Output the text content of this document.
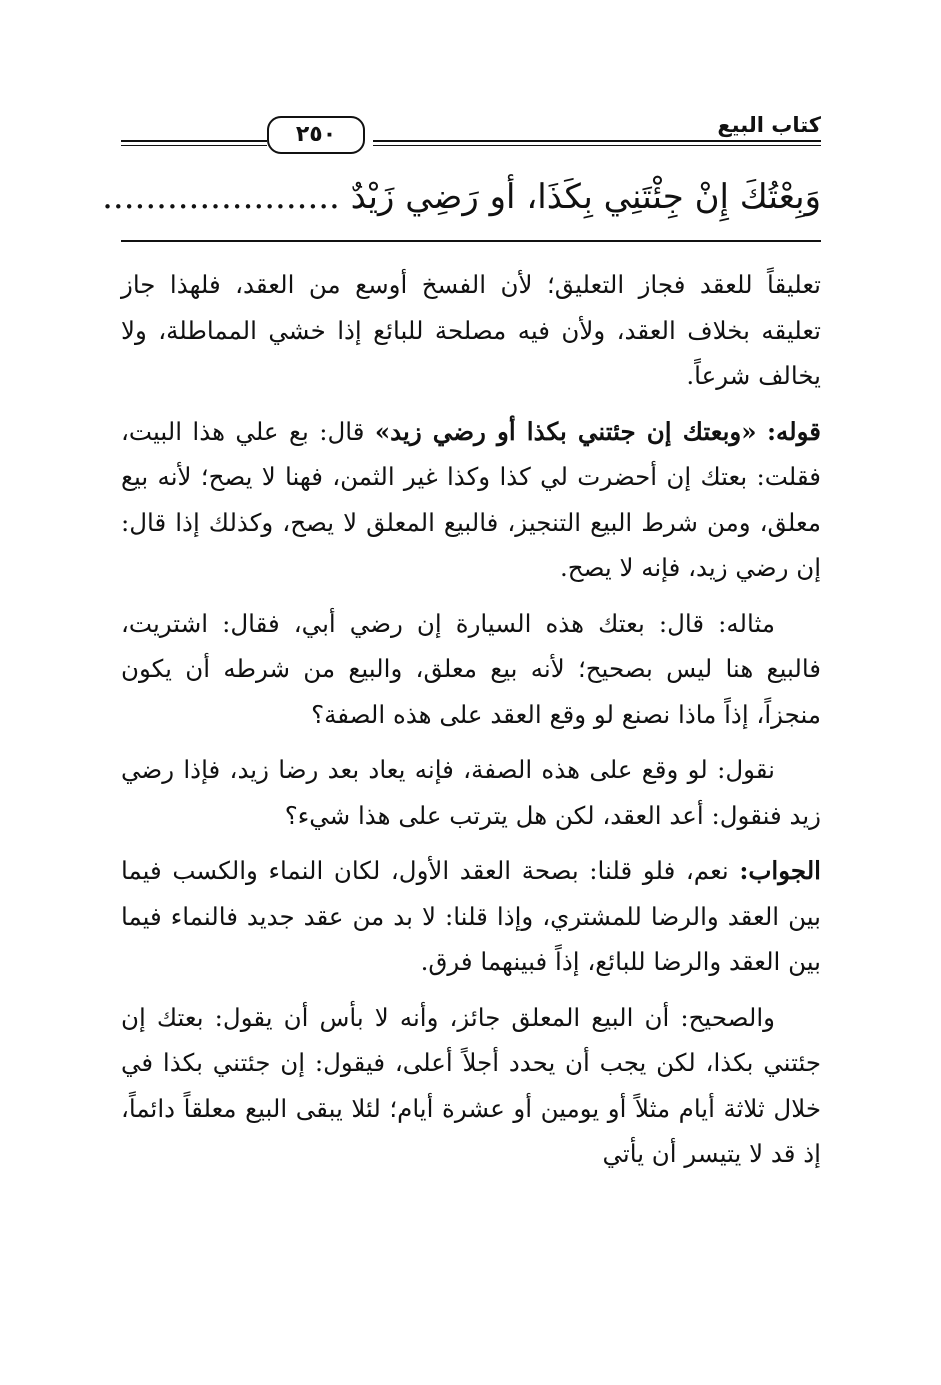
كتاب البيع
٢٥٠
وَبِعْتُكَ إِنْ جِئْتَنِي بِكَذَا، أو رَضِي زَيْدٌ ......................

تعليقاً للعقد فجاز التعليق؛ لأن الفسخ أوسع من العقد، فلهذا جاز تعليقه بخلاف العقد، ولأن فيه مصلحة للبائع إذا خشي المماطلة، ولا يخالف شرعاً.

قوله: «وبعتك إن جئتني بكذا أو رضي زيد» قال: بع علي هذا البيت، فقلت: بعتك إن أحضرت لي كذا وكذا غير الثمن، فهنا لا يصح؛ لأنه بيع معلق، ومن شرط البيع التنجيز، فالبيع المعلق لا يصح، وكذلك إذا قال: إن رضي زيد، فإنه لا يصح.

مثاله: قال: بعتك هذه السيارة إن رضي أبي، فقال: اشتريت، فالبيع هنا ليس بصحيح؛ لأنه بيع معلق، والبيع من شرطه أن يكون منجزاً، إذاً ماذا نصنع لو وقع العقد على هذه الصفة؟

نقول: لو وقع على هذه الصفة، فإنه يعاد بعد رضا زيد، فإذا رضي زيد فنقول: أعد العقد، لكن هل يترتب على هذا شيء؟

الجواب: نعم، فلو قلنا: بصحة العقد الأول، لكان النماء والكسب فيما بين العقد والرضا للمشتري، وإذا قلنا: لا بد من عقد جديد فالنماء فيما بين العقد والرضا للبائع، إذاً فبينهما فرق.

والصحيح: أن البيع المعلق جائز، وأنه لا بأس أن يقول: بعتك إن جئتني بكذا، لكن يجب أن يحدد أجلاً أعلى، فيقول: إن جئتني بكذا في خلال ثلاثة أيام مثلاً أو يومين أو عشرة أيام؛ لئلا يبقى البيع معلقاً دائماً، إذ قد لا يتيسر أن يأتي
